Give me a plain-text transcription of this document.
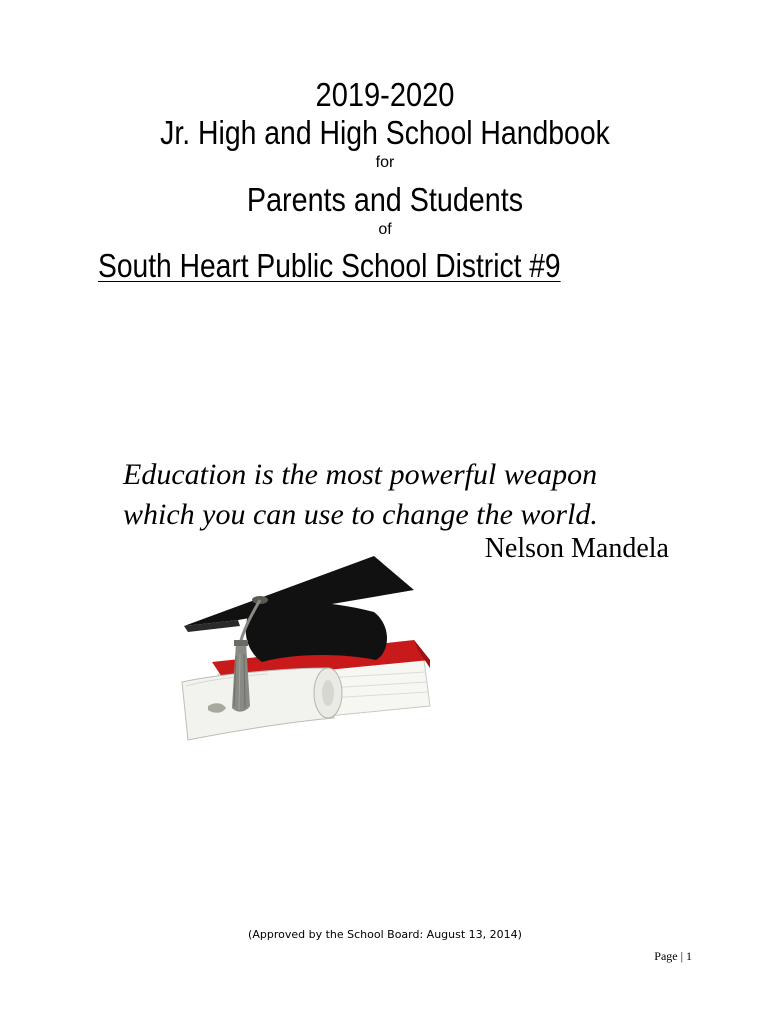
2019-2020
Jr. High and High School Handbook
for
Parents and Students
of
South Heart Public School District #9
Education is the most powerful weapon
which you can use to change the world.
Nelson Mandela
(Approved by the School Board: August 13, 2014)
Page | 1
